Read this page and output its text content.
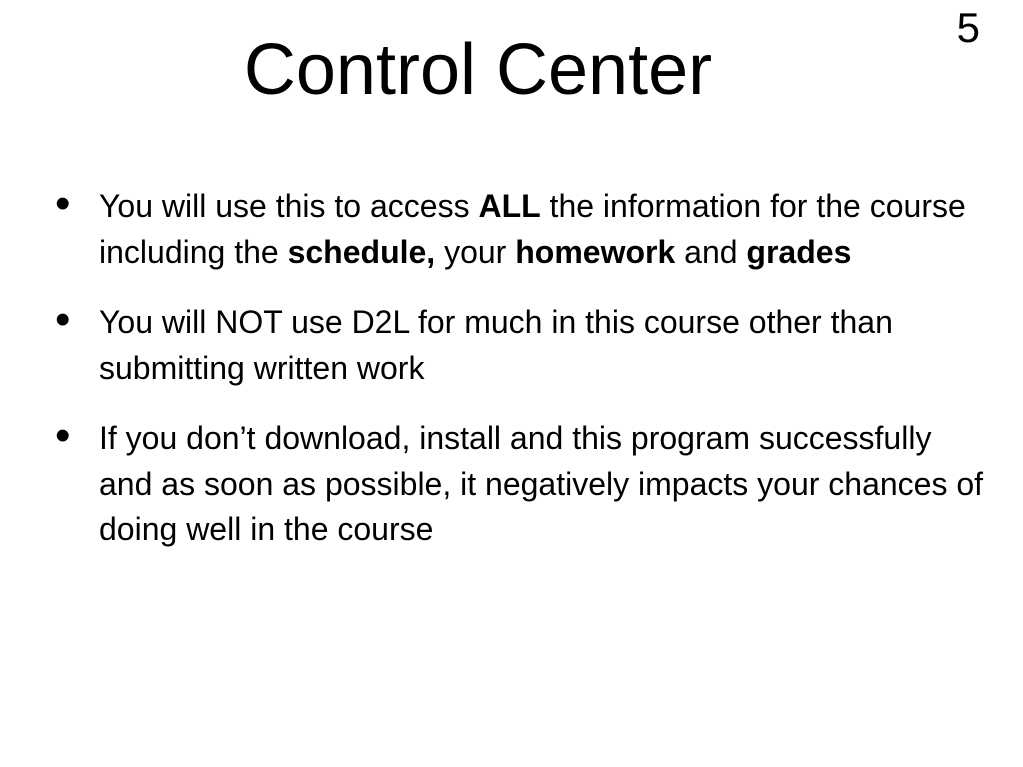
5
Control Center
• You will use this to access ALL the information for the course including the schedule, your homework and grades
• You will NOT use D2L for much in this course other than submitting written work
• If you don’t download, install and this program successfully and as soon as possible, it negatively impacts your chances of doing well in the course
